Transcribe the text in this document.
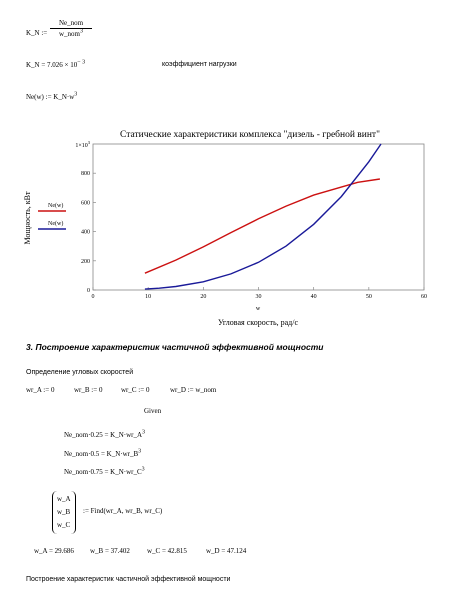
K_N :=
Ne_nom
w_nom$^3$
K_N = $7.026 \times 10^{- 3}$	коэффициент нагрузки
Ne(w) := $K\_N\cdot w^3$
Статические характеристики комплекса "дизель - гребной винт"
0	10	20	30	40	50	60
0
200
400
600
800
$1\times 10^3$
w
Угловая скорость, рад/с
Мощность, кВт	Ne(w)
Ne(w)
3. Построение характеристик частичной эффективной мощности
Определение угловых скоростей
wr_A := 0	wr_B := 0	wr_C := 0	wr_D := w_nom
Given
Ne_nom·0.25 = $K\_N\cdot wr\_A^3$
Ne_nom·0.5 = $K\_N\cdot wr\_B^3$
Ne_nom·0.75 = $K\_N\cdot wr\_C^3$
w_A
w_B
w_C
:= Find(wr_A, wr_B, wr_C)
w_A = 29.686 w_B = 37.402 w_C = 42.815	w_D = 47.124
Построение характеристик частичной эффективной мощности
